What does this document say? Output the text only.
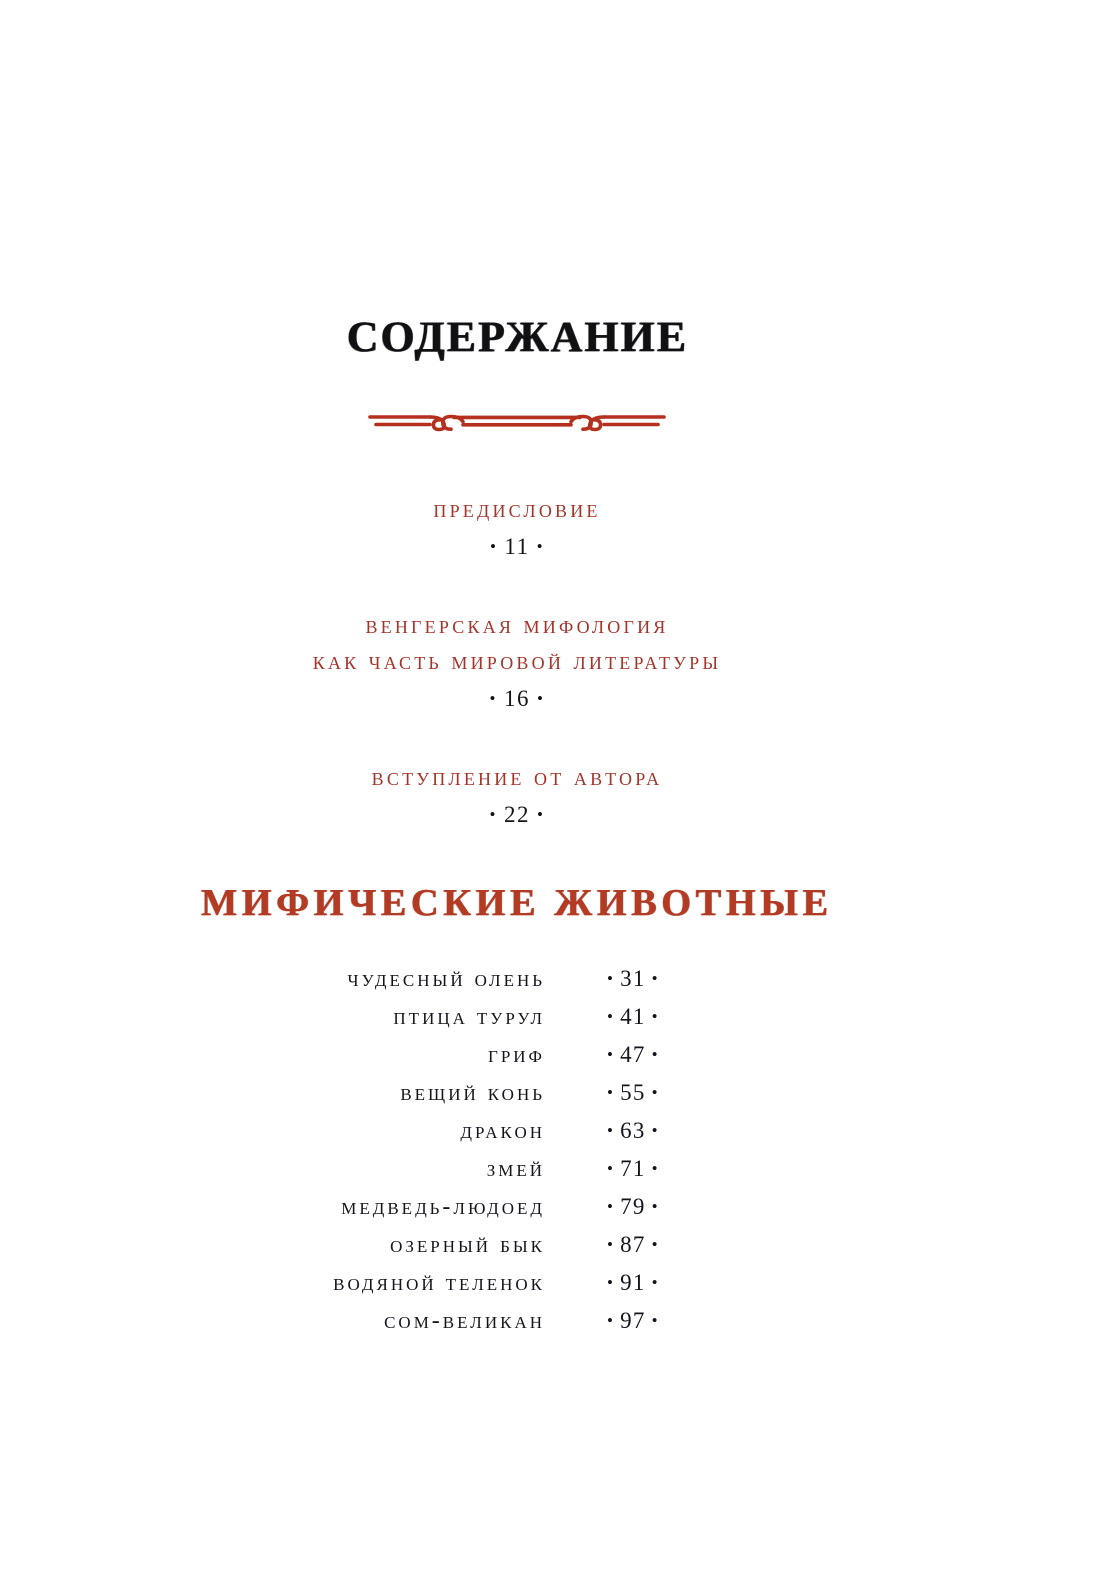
содержание
предисловие
• 11 •
венгерская мифология
как часть мировой литературы
• 16 •
вступление от автора
• 22 •
МИФИЧЕСКИЕ ЖИВОТНЫЕ
чудесный олень	• 31 •
птица турул	• 41 •
гриф	• 47 •
вещий конь	• 55 •
дракон	• 63 •
змей	• 71 •
медведь-людоед	• 79 •
озерный бык	• 87 •
водяной теленок	• 91 •
сом-великан	• 97 •
